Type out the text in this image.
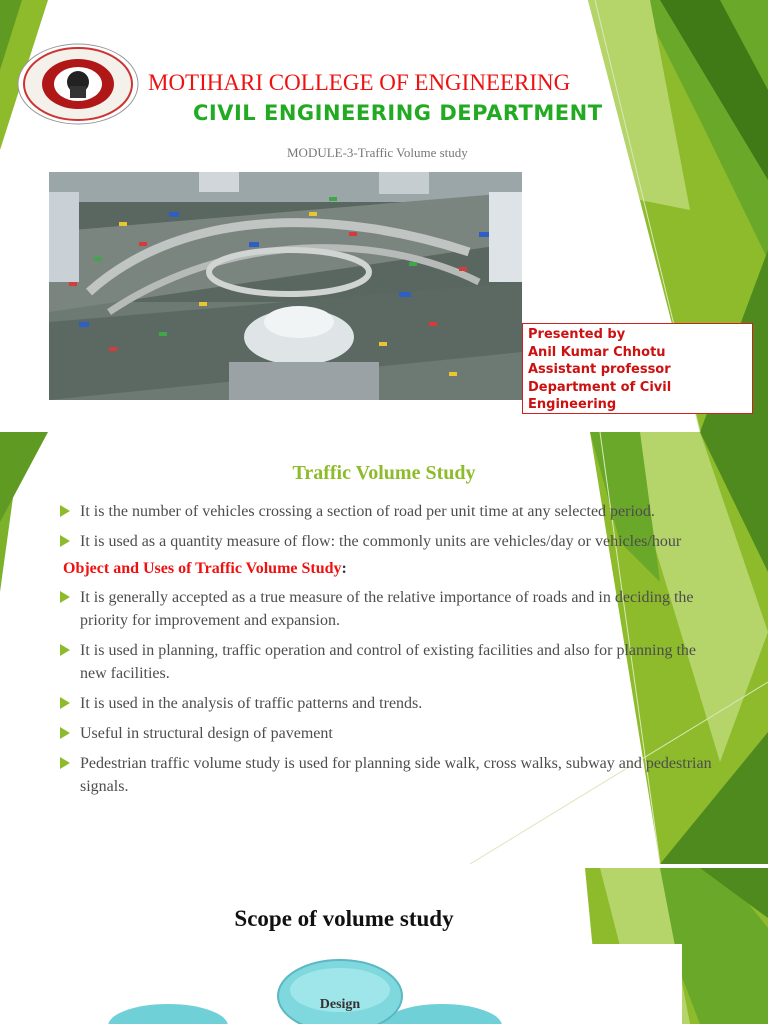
MOTIHARI COLLEGE OF ENGINEERING
CIVIL ENGINEERING DEPARTMENT
MODULE-3-Traffic Volume study
Presented by
Anil Kumar Chhotu
Assistant professor
Department of Civil
Engineering
Traffic Volume Study
It is the number of vehicles crossing a section of road per unit time at any selected period.
It is used as a quantity measure of flow: the commonly units are vehicles/day or vehicles/hour
Object and Uses of Traffic Volume Study:
It is generally accepted as a true measure of the relative importance of roads and in deciding the priority for improvement and expansion.
It is used in planning, traffic operation and control of existing facilities and also for planning the new facilities.
It is used in the analysis of traffic patterns and trends.
Useful in structural design of pavement
Pedestrian traffic volume study is used for planning side walk, cross walks, subway and pedestrian signals.
Scope of volume study
Design
